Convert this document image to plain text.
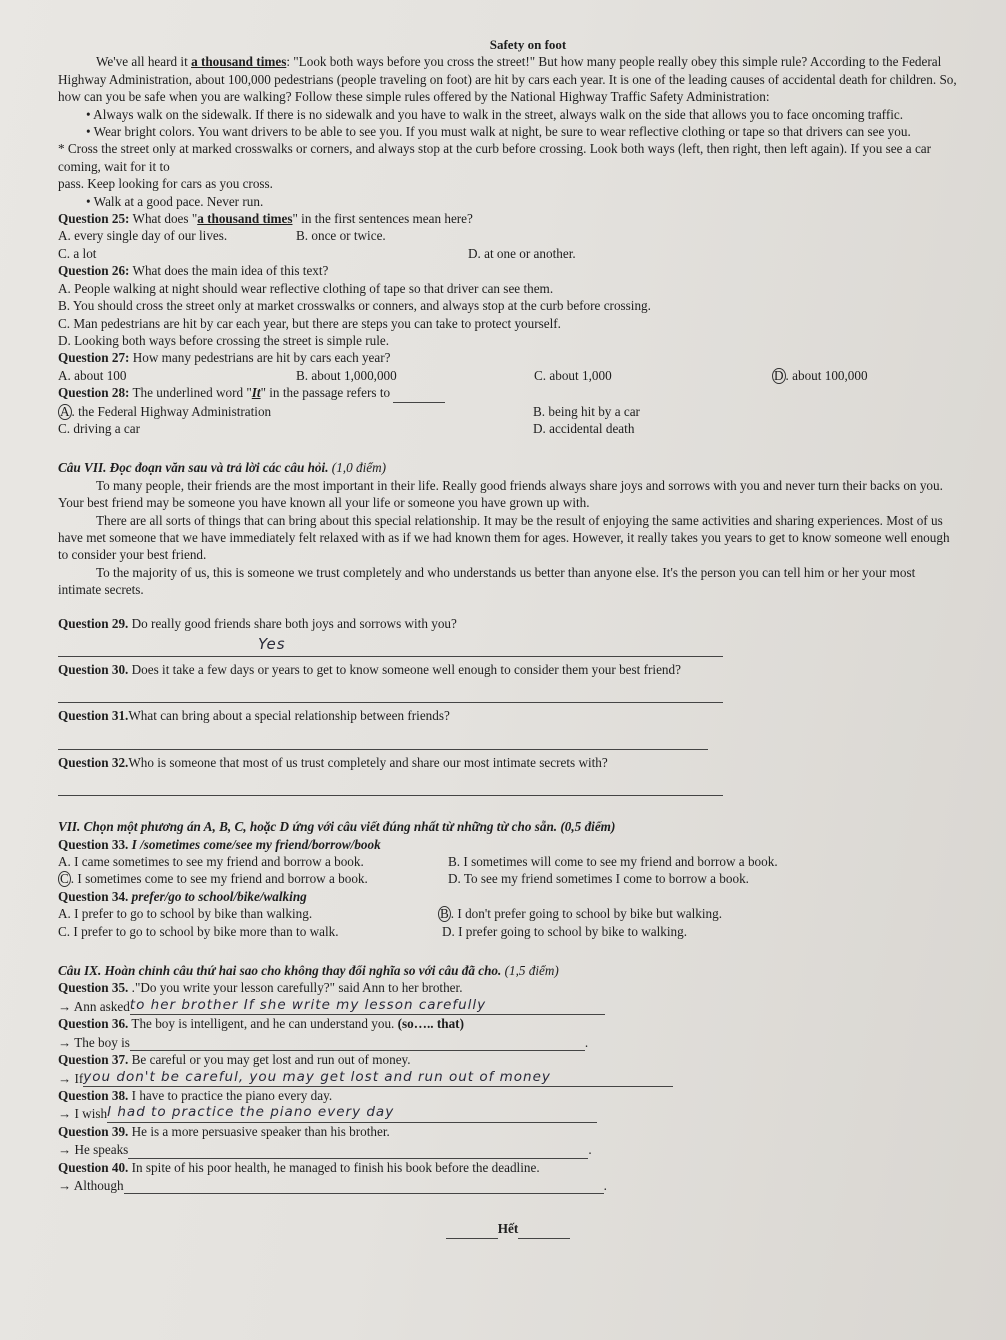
Safety on foot

We've all heard it a thousand times: "Look both ways before you cross the street!" But how many people really obey this simple rule? According to the Federal Highway Administration, about 100,000 pedestrians (people traveling on foot) are hit by cars each year. It is one of the leading causes of accidental death for children. So, how can you be safe when you are walking? Follow these simple rules offered by the National Highway Traffic Safety Administration:

• Always walk on the sidewalk. If there is no sidewalk and you have to walk in the street, always walk on the side that allows you to face oncoming traffic.

• Wear bright colors. You want drivers to be able to see you. If you must walk at night, be sure to wear reflective clothing or tape so that drivers can see you.

* Cross the street only at marked crosswalks or corners, and always stop at the curb before crossing. Look both ways (left, then right, then left again). If you see a car coming, wait for it to

pass. Keep looking for cars as you cross.

• Walk at a good pace. Never run.

Question 25: What does "a thousand times" in the first sentences mean here?

A. every single day of our lives.	B. once or twice.
C. a lot	D. at one or another.

Question 26: What does the main idea of this text?

A. People walking at night should wear reflective clothing of tape so that driver can see them.

B. You should cross the street only at market crosswalks or conners, and always stop at the curb before crossing.

C. Man pedestrians are hit by car each year, but there are steps you can take to protect yourself.

D. Looking both ways before crossing the street is simple rule.

Question 27: How many pedestrians are hit by cars each year?

A. about 100	B. about 1,000,000	C. about 1,000	D . about 100,000

Question 28: The underlined word "It" in the passage refers to

A . the Federal Highway Administration	B. being hit by a car
C. driving a car	D. accidental death

Câu VII. Đọc đoạn văn sau và trả lời các câu hỏi. (1,0 điểm)

To many people, their friends are the most important in their life. Really good friends always share joys and sorrows with you and never turn their backs on you. Your best friend may be someone you have known all your life or someone you have grown up with.

There are all sorts of things that can bring about this special relationship. It may be the result of enjoying the same activities and sharing experiences. Most of us have met someone that we have immediately felt relaxed with as if we had known them for ages. However, it really takes you years to get to know someone well enough to consider your best friend.

To the majority of us, this is someone we trust completely and who understands us better than anyone else. It's the person you can tell him or her your most intimate secrets.

Question 29. Do really good friends share both joys and sorrows with you?

Yes

Question 30. Does it take a few days or years to get to know someone well enough to consider them your best friend?

Question 31.What can bring about a special relationship between friends?

Question 32.Who is someone that most of us trust completely and share our most intimate secrets with?

VII. Chọn một phương án A, B, C, hoặc D ứng với câu viết đúng nhất từ những từ cho sẵn. (0,5 điểm)

Question 33. I /sometimes come/see my friend/borrow/book

A. I came sometimes to see my friend and borrow a book.	B. I sometimes will come to see my friend and borrow a book.
C . I sometimes come to see my friend and borrow a book.	D. To see my friend sometimes I come to borrow a book.

Question 34. prefer/go to school/bike/walking

A. I prefer to go to school by bike than walking.	B . I don't prefer going to school by bike but walking.
C. I prefer to go to school by bike more than to walk.	D. I prefer going to school by bike to walking.

Câu IX. Hoàn chỉnh câu thứ hai sao cho không thay đổi nghĩa so với câu đã cho. (1,5 điểm)

Question 35. ."Do you write your lesson carefully?" said Ann to her brother.

→ Ann asked to her brother If she write my lesson carefully

Question 36. The boy is intelligent, and he can understand you. (so….. that)

→ The boy is
	.

Question 37. Be careful or you may get lost and run out of money.

→ If you don't be careful, you may get lost and run out of money

Question 38. I have to practice the piano every day.

→ I wish I had to practice the piano every day

Question 39. He is a more persuasive speaker than his brother.

→ He speaks
	.

Question 40. In spite of his poor health, he managed to finish his book before the deadline.

→ Although
	.

Hết
